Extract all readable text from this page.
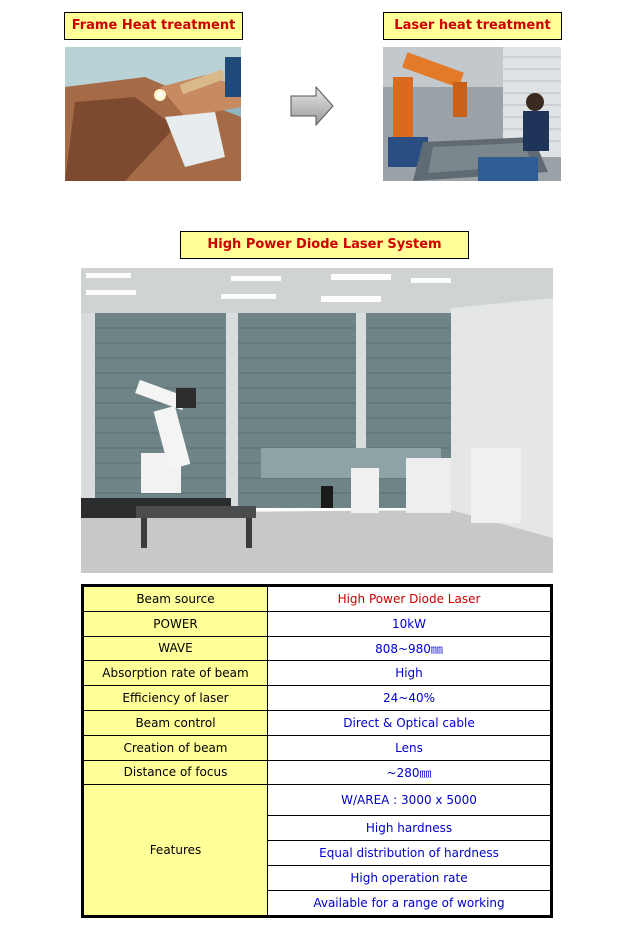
Frame Heat treatment	Laser heat treatment
High Power Diode Laser System
Beam source	High Power Diode Laser
POWER	10kW
WAVE	808~980㎜
Absorption rate of beam	High
Efficiency of laser	24~40%
Beam control	Direct & Optical cable
Creation of beam	Lens
Distance of focus	~280㎜
Features	W/AREA : 3000 x 5000
	High hardness
	Equal distribution of hardness
	High operation rate
	Available for a range of working
